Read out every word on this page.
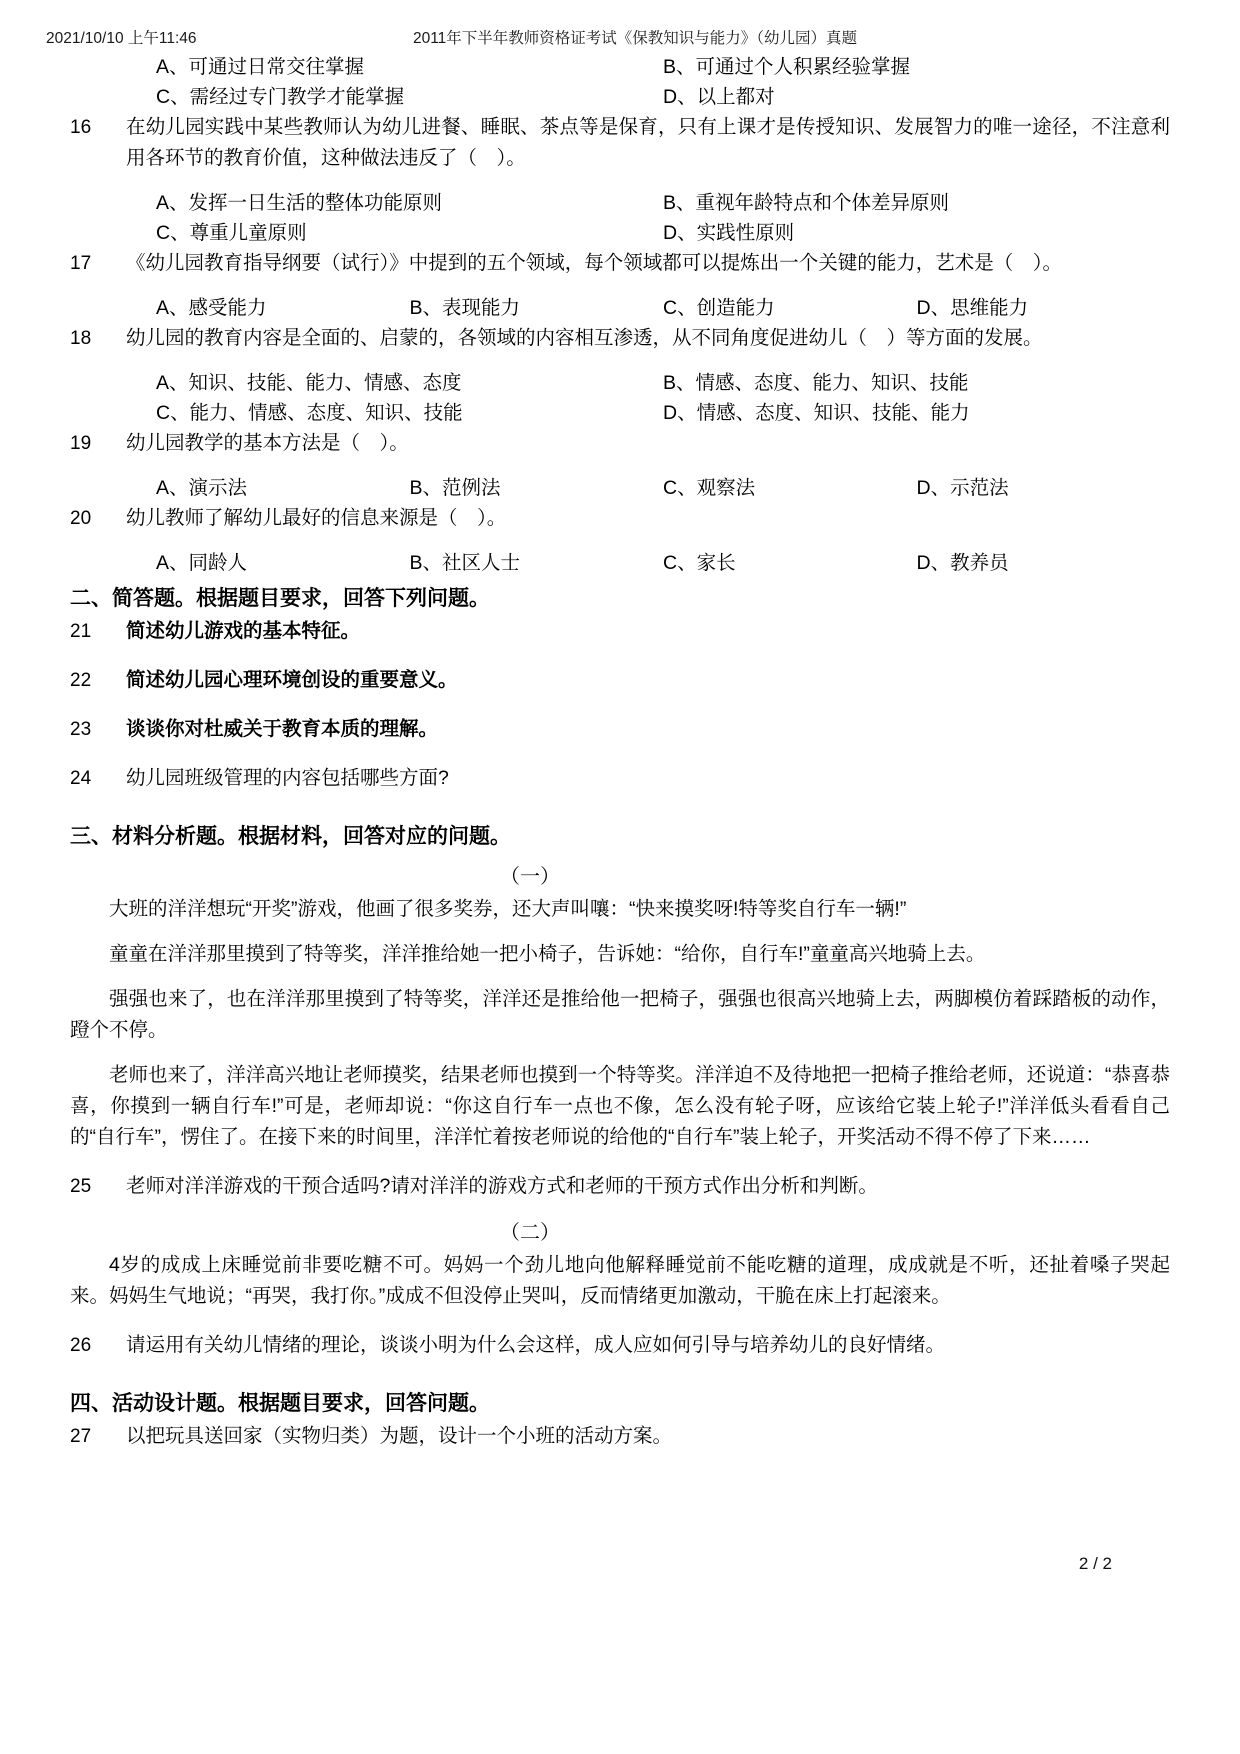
2021/10/10 上午11:46	2011年下半年教师资格证考试《保教知识与能力》（幼儿园）真题
A、可通过日常交往掌握	B、可通过个人积累经验掌握
C、需经过专门教学才能掌握	D、以上都对
16	在幼儿园实践中某些教师认为幼儿进餐、睡眠、茶点等是保育，只有上课才是传授知识、发展智力的唯一途径，不注意利用各环节的教育价值，这种做法违反了（　）。
A、发挥一日生活的整体功能原则	B、重视年龄特点和个体差异原则
C、尊重儿童原则	D、实践性原则
17	《幼儿园教育指导纲要（试行）》中提到的五个领域，每个领域都可以提炼出一个关键的能力，艺术是（　）。
A、感受能力	B、表现能力	C、创造能力	D、思维能力
18	幼儿园的教育内容是全面的、启蒙的，各领域的内容相互渗透，从不同角度促进幼儿（　）等方面的发展。
A、知识、技能、能力、情感、态度	B、情感、态度、能力、知识、技能
C、能力、情感、态度、知识、技能	D、情感、态度、知识、技能、能力
19	幼儿园教学的基本方法是（　）。
A、演示法	B、范例法	C、观察法	D、示范法
20	幼儿教师了解幼儿最好的信息来源是（　）。
A、同龄人	B、社区人士	C、家长	D、教养员
二、简答题。根据题目要求，回答下列问题。
21	简述幼儿游戏的基本特征。
22	简述幼儿园心理环境创设的重要意义。
23	谈谈你对杜威关于教育本质的理解。
24	幼儿园班级管理的内容包括哪些方面?
三、材料分析题。根据材料，回答对应的问题。
（一）
大班的洋洋想玩“开奖”游戏，他画了很多奖券，还大声叫嚷：“快来摸奖呀!特等奖自行车一辆!”
童童在洋洋那里摸到了特等奖，洋洋推给她一把小椅子，告诉她：“给你，自行车!”童童高兴地骑上去。
强强也来了，也在洋洋那里摸到了特等奖，洋洋还是推给他一把椅子，强强也很高兴地骑上去，两脚模仿着踩踏板的动作，蹬个不停。
老师也来了，洋洋高兴地让老师摸奖，结果老师也摸到一个特等奖。洋洋迫不及待地把一把椅子推给老师，还说道：“恭喜恭喜，你摸到一辆自行车!”可是，老师却说：“你这自行车一点也不像，怎么没有轮子呀，应该给它装上轮子!”洋洋低头看看自己的“自行车”，愣住了。在接下来的时间里，洋洋忙着按老师说的给他的“自行车”装上轮子，开奖活动不得不停了下来……
25	老师对洋洋游戏的干预合适吗?请对洋洋的游戏方式和老师的干预方式作出分析和判断。
（二）
4岁的成成上床睡觉前非要吃糖不可。妈妈一个劲儿地向他解释睡觉前不能吃糖的道理，成成就是不听，还扯着嗓子哭起来。妈妈生气地说；“再哭，我打你。”成成不但没停止哭叫，反而情绪更加激动，干脆在床上打起滚来。
26	请运用有关幼儿情绪的理论，谈谈小明为什么会这样，成人应如何引导与培养幼儿的良好情绪。
四、活动设计题。根据题目要求，回答问题。
27	以把玩具送回家（实物归类）为题，设计一个小班的活动方案。
2 / 2
